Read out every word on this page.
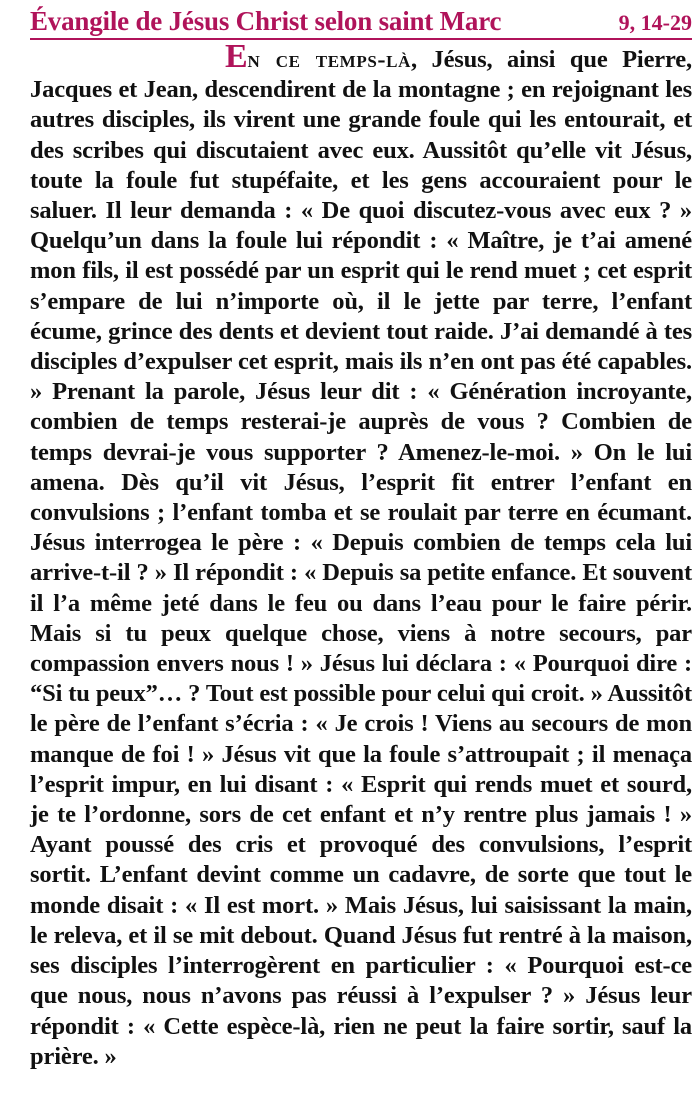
Évangile de Jésus Christ selon saint Marc	9, 14-29

En ce temps-là, Jésus, ainsi que Pierre, Jacques et Jean, descendirent de la montagne ; en rejoignant les autres disciples, ils virent une grande foule qui les entourait, et des scribes qui discutaient avec eux. Aussitôt qu’elle vit Jésus, toute la foule fut stupéfaite, et les gens accouraient pour le saluer. Il leur demanda : « De quoi discutez-vous avec eux ? » Quelqu’un dans la foule lui répondit : « Maître, je t’ai amené mon fils, il est possédé par un esprit qui le rend muet ; cet esprit s’empare de lui n’importe où, il le jette par terre, l’enfant écume, grince des dents et devient tout raide. J’ai demandé à tes disciples d’expulser cet esprit, mais ils n’en ont pas été capables. » Prenant la parole, Jésus leur dit : « Génération incroyante, combien de temps resterai-je auprès de vous ? Combien de temps devrai-je vous supporter ? Amenez-le-moi. » On le lui amena. Dès qu’il vit Jésus, l’esprit fit entrer l’enfant en convulsions ; l’enfant tomba et se roulait par terre en écumant. Jésus interrogea le père : « Depuis combien de temps cela lui arrive-t-il ? » Il répondit : « Depuis sa petite enfance. Et souvent il l’a même jeté dans le feu ou dans l’eau pour le faire périr. Mais si tu peux quelque chose, viens à notre secours, par compassion envers nous ! » Jésus lui déclara : « Pourquoi dire : “Si tu peux”… ? Tout est possible pour celui qui croit. » Aussitôt le père de l’enfant s’écria : « Je crois ! Viens au secours de mon manque de foi ! » Jésus vit que la foule s’attroupait ; il menaça l’esprit impur, en lui disant : « Esprit qui rends muet et sourd, je te l’ordonne, sors de cet enfant et n’y rentre plus jamais ! » Ayant poussé des cris et provoqué des convulsions, l’esprit sortit. L’enfant devint comme un cadavre, de sorte que tout le monde disait : « Il est mort. » Mais Jésus, lui saisissant la main, le releva, et il se mit debout. Quand Jésus fut rentré à la maison, ses disciples l’interrogèrent en particulier : « Pourquoi est-ce que nous, nous n’avons pas réussi à l’expulser ? » Jésus leur répondit : « Cette espèce-là, rien ne peut la faire sortir, sauf la prière. »
